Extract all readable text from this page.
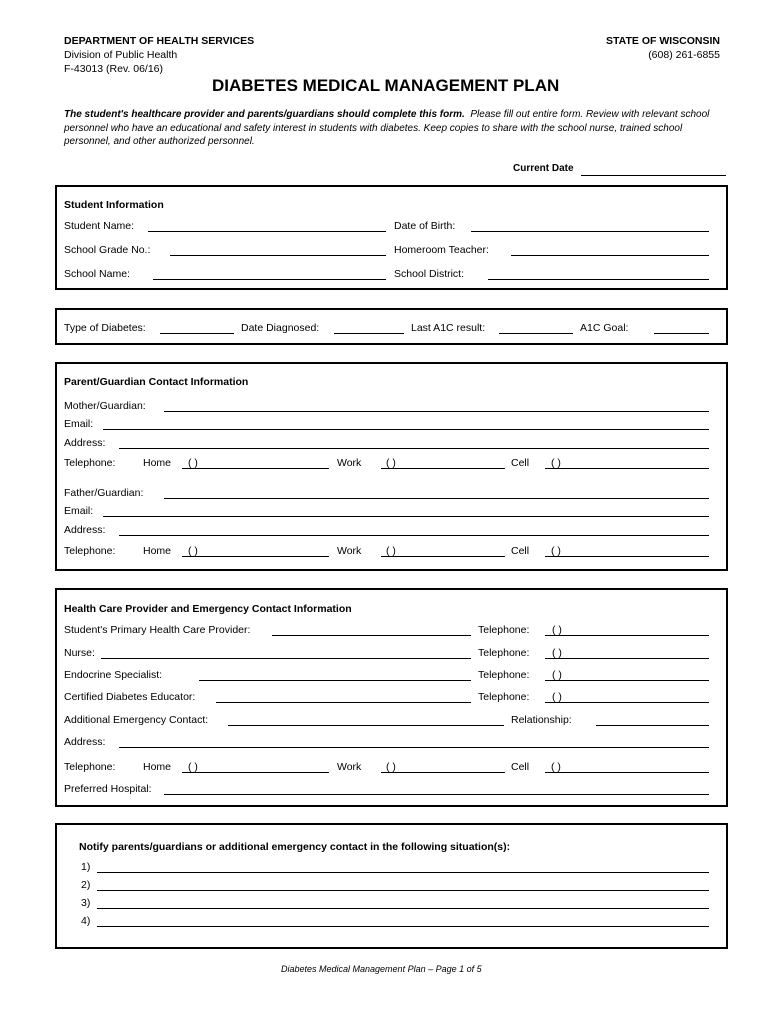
DEPARTMENT OF HEALTH SERVICES
Division of Public Health
F-43013 (Rev. 06/16)
STATE OF WISCONSIN
(608) 261-6855
DIABETES MEDICAL MANAGEMENT PLAN
The student's healthcare provider and parents/guardians should complete this form. Please fill out entire form. Review with relevant school personnel who have an educational and safety interest in students with diabetes. Keep copies to share with the school nurse, trained school personnel, and other authorized personnel.
Current Date
Student Information
Student Name:	Date of Birth:
School Grade No.:	Homeroom Teacher:
School Name:	School District:
Type of Diabetes:	Date Diagnosed:	Last A1C result:	A1C Goal:
Parent/Guardian Contact Information
Mother/Guardian:
Email:
Address:
Telephone:	Home ( )	Work ( )	Cell ( )
Father/Guardian:
Email:
Address:
Telephone:	Home ( )	Work ( )	Cell ( )
Health Care Provider and Emergency Contact Information
Student's Primary Health Care Provider:	Telephone: ( )
Nurse:	Telephone: ( )
Endocrine Specialist:	Telephone: ( )
Certified Diabetes Educator:	Telephone: ( )
Additional Emergency Contact:	Relationship:
Address:
Telephone:	Home ( )	Work ( )	Cell ( )
Preferred Hospital:
Notify parents/guardians or additional emergency contact in the following situation(s):
1)
2)
3)
4)
Diabetes Medical Management Plan – Page 1 of 5
